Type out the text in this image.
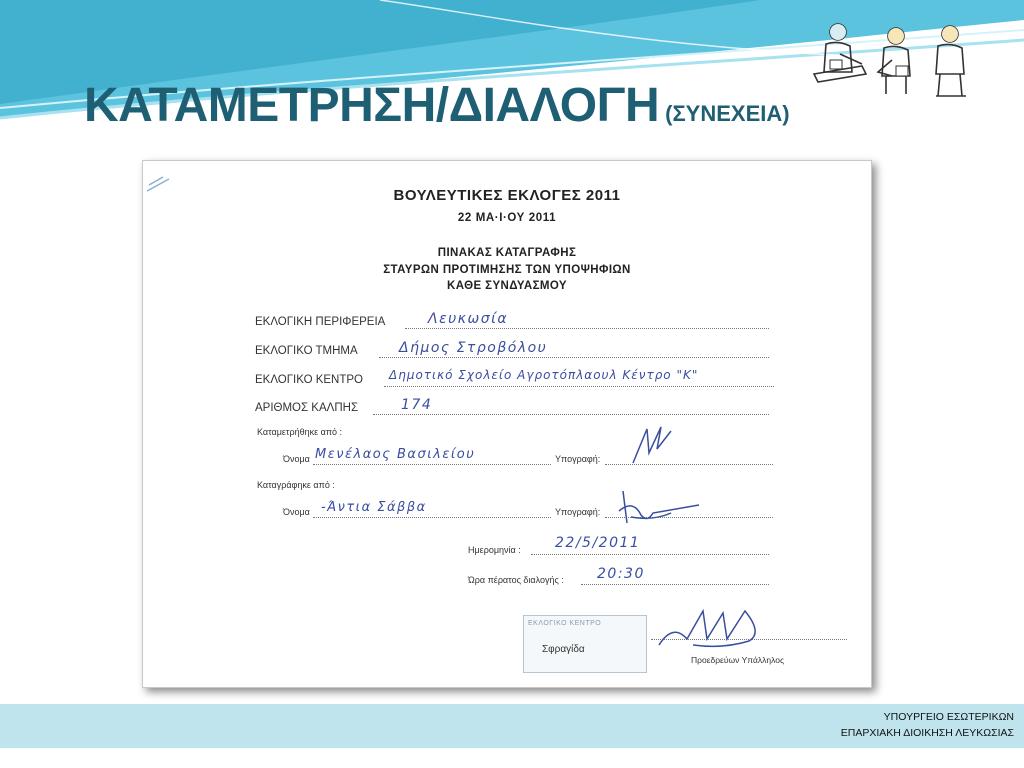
ΚΑΤΑΜΕΤΡΗΣΗ/ΔΙΑΛΟΓΗ (ΣΥΝΕΧΕΙΑ)
ΒΟΥΛΕΥΤΙΚΕΣ ΕΚΛΟΓΕΣ 2011
22 ΜΑ·Ι·ΟΥ 2011
ΠΙΝΑΚΑΣ ΚΑΤΑΓΡΑΦΗΣ
ΣΤΑΥΡΩΝ ΠΡΟΤΙΜΗΣΗΣ ΤΩΝ ΥΠΟΨΗΦΙΩΝ
ΚΑΘΕ ΣΥΝΔΥΑΣΜΟΥ
ΕΚΛΟΓΙΚΗ ΠΕΡΙΦΕΡΕΙΑ	Λευκωσία
ΕΚΛΟΓΙΚΟ ΤΜΗΜΑ	Δήμος Στροβόλου
ΕΚΛΟΓΙΚΟ ΚΕΝΤΡΟ Δημοτικό Σχολείο Αγροτόπλαουλ Κέντρο "Κ"
ΑΡΙΘΜΟΣ ΚΑΛΠΗΣ	174
Καταμετρήθηκε από :
Όνομα Μενέλαος Βασιλείου	Υπογραφή:
Καταγράφηκε από :
Όνομα -Άντια Σάββα	Υπογραφή:
Ημερομηνία : 22/5/2011
Ώρα πέρατος διαλογής : 20:30
ΕΚΛΟΓΙΚΟ ΚΕΝΤΡΟ
Σφραγίδα
Προεδρεύων Υπάλληλος
ΥΠΟΥΡΓΕΙΟ ΕΣΩΤΕΡΙΚΩΝ
ΕΠΑΡΧΙΑΚΗ ΔΙΟΙΚΗΣΗ ΛΕΥΚΩΣΙΑΣ
